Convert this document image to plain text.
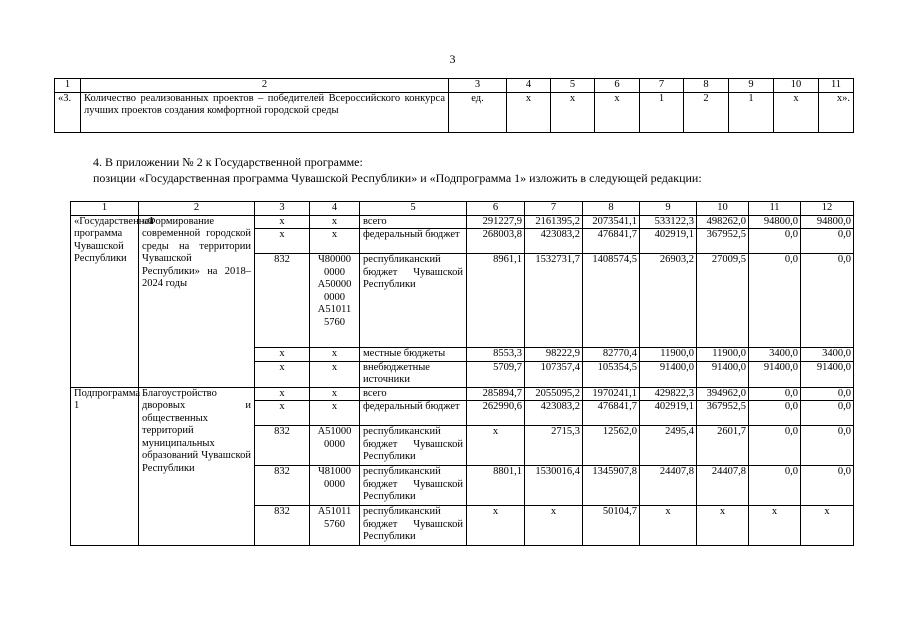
3
1	2	3	4	5	6	7	8	9	10	11
«3.	Количество реализованных проектов – победителей Всероссийского конкурса лучших проектов создания комфортной городской среды	ед.	x	x	x	1	2	1	x	x».
4. В приложении № 2 к Государственной программе:
позиции «Государственная программа Чувашской Республики» и «Подпрограмма 1» изложить в следующей редакции:
1	2	3	4	5	6	7	8	9	10	11	12
«Государственная программа Чувашской Республики	«Формирование современной городской среды на территории Чувашской Республики» на 2018–2024 годы	x	x	всего	291227,9	2161395,2	2073541,1	533122,3	498262,0	94800,0	94800,0
		x	x	федеральный бюджет	268003,8	423083,2	476841,7	402919,1	367952,5	0,0	0,0
		832	Ч80000 0000 А50000 0000 А51011 5760	республиканский бюджет Чувашской Республики	8961,1	1532731,7	1408574,5	26903,2	27009,5	0,0	0,0
		x	x	местные бюджеты	8553,3	98222,9	82770,4	11900,0	11900,0	3400,0	3400,0
		x	x	внебюджетные источники	5709,7	107357,4	105354,5	91400,0	91400,0	91400,0	91400,0
Подпрограмма 1	Благоустройство дворовых и общественных территорий муниципальных образований Чувашской Республики	x	x	всего	285894,7	2055095,2	1970241,1	429822,3	394962,0	0,0	0,0
		x	x	федеральный бюджет	262990,6	423083,2	476841,7	402919,1	367952,5	0,0	0,0
		832	А51000 0000	республиканский бюджет Чувашской Республики	x	2715,3	12562,0	2495,4	2601,7	0,0	0,0
		832	Ч81000 0000	республиканский бюджет Чувашской Республики	8801,1	1530016,4	1345907,8	24407,8	24407,8	0,0	0,0
		832	А51011 5760	республиканский бюджет Чувашской Республики	x	x	50104,7	x	x	x	x
